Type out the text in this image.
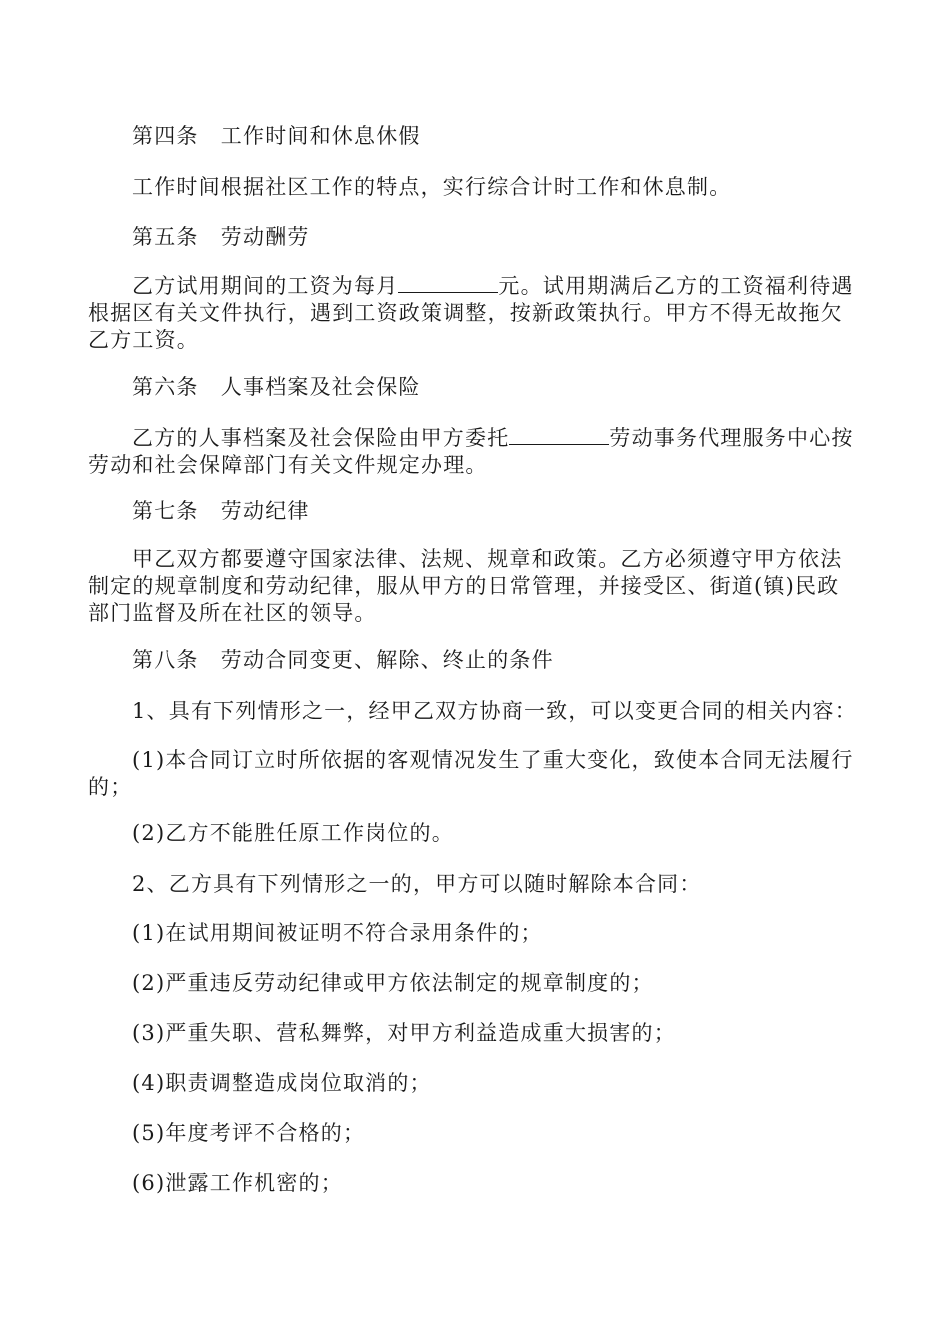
第四条　工作时间和休息休假
工作时间根据社区工作的特点，实行综合计时工作和休息制。
第五条　劳动酬劳
乙方试用期间的工资为每月	元。试用期满后乙方的工资福利待遇
根据区有关文件执行，遇到工资政策调整，按新政策执行。甲方不得无故拖欠
乙方工资。
第六条　人事档案及社会保险
乙方的人事档案及社会保险由甲方委托	劳动事务代理服务中心按
劳动和社会保障部门有关文件规定办理。
第七条　劳动纪律
甲乙双方都要遵守国家法律、法规、规章和政策。乙方必须遵守甲方依法
制定的规章制度和劳动纪律，服从甲方的日常管理，并接受区、街道(镇)民政
部门监督及所在社区的领导。
第八条　劳动合同变更、解除、终止的条件
1、具有下列情形之一，经甲乙双方协商一致，可以变更合同的相关内容：
(1)本合同订立时所依据的客观情况发生了重大变化，致使本合同无法履行
的；
(2)乙方不能胜任原工作岗位的。
2、乙方具有下列情形之一的，甲方可以随时解除本合同：
(1)在试用期间被证明不符合录用条件的；
(2)严重违反劳动纪律或甲方依法制定的规章制度的；
(3)严重失职、营私舞弊，对甲方利益造成重大损害的；
(4)职责调整造成岗位取消的；
(5)年度考评不合格的；
(6)泄露工作机密的；
